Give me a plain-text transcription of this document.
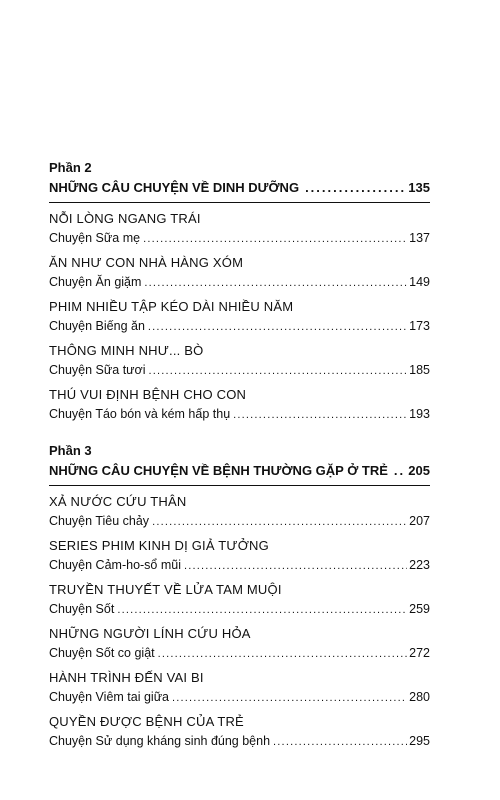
Phần 2
NHỮNG CÂU CHUYỆN VỀ DINH DƯỠNG .....	135
NỖI LÒNG NGANG TRÁI
Chuyện Sữa mẹ .....	137
ĂN NHƯ CON NHÀ HÀNG XÓM
Chuyện Ăn giặm .....	149
PHIM NHIỀU TẬP KÉO DÀI NHIỀU NĂM
Chuyện Biếng ăn .....	173
THÔNG MINH NHƯ... BÒ
Chuyện Sữa tươi .....	185
THÚ VUI ĐỊNH BỆNH CHO CON
Chuyện Táo bón và kém hấp thụ .....	193
Phần 3
NHỮNG CÂU CHUYỆN VỀ BỆNH THƯỜNG GẶP Ở TRẺ ..... 205
XẢ NƯỚC CỨU THÂN
Chuyện Tiêu chảy .....	207
SERIES PHIM KINH DỊ GIẢ TƯỞNG
Chuyện Cảm-ho-sổ mũi .....	223
TRUYỀN THUYẾT VỀ LỬA TAM MUỘI
Chuyện Sốt .....	259
NHỮNG NGƯỜI LÍNH CỨU HỎA
Chuyện Sốt co giật .....	272
HÀNH TRÌNH ĐẾN VAI BI
Chuyện Viêm tai giữa .....	280
QUYỀN ĐƯỢC BỆNH CỦA TRẺ
Chuyện Sử dụng kháng sinh đúng bệnh .....	295
